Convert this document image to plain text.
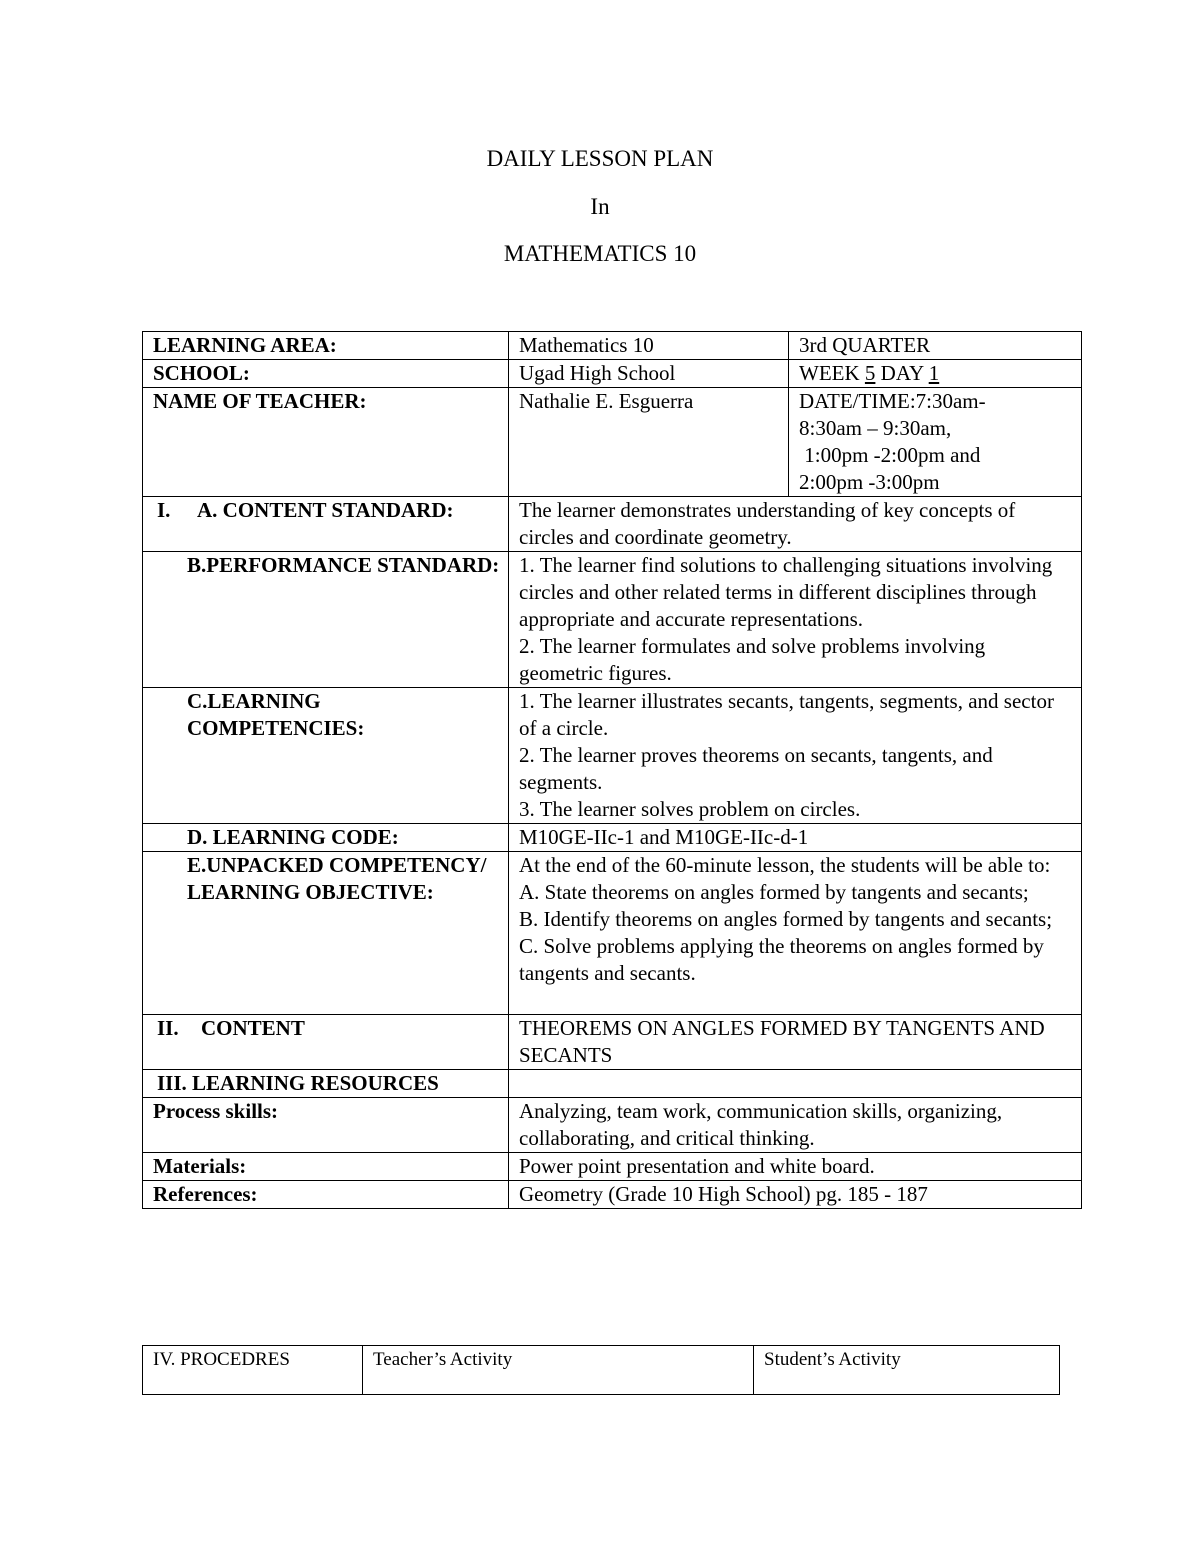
DAILY LESSON PLAN
In
MATHEMATICS 10
LEARNING AREA:	Mathematics 10	3rd QUARTER
SCHOOL:	Ugad High School	WEEK 5 DAY 1
NAME OF TEACHER:	Nathalie E. Esguerra	DATE/TIME:7:30am-
8:30am – 9:30am,
1:00pm -2:00pm and
2:00pm -3:00pm

I. A. CONTENT STANDARD:	The learner demonstrates understanding of key concepts of circles and coordinate geometry.	
B.PERFORMANCE STANDARD:	1. The learner find solutions to challenging situations involving circles and other related terms in different disciplines through appropriate and accurate representations.
2. The learner formulates and solve problems involving geometric figures.	

C.LEARNING COMPETENCIES:	1. The learner illustrates secants, tangents, segments, and sector of a circle.
2. The learner proves theorems on secants, tangents, and segments.
3. The learner solves problem on circles.	

D. LEARNING CODE:	M10GE-IIc-1 and M10GE-IIc-d-1	
E.UNPACKED COMPETENCY/LEARNING OBJECTIVE:	At the end of the 60-minute lesson, the students will be able to:
A. State theorems on angles formed by tangents and secants;
B. Identify theorems on angles formed by tangents and secants;
C. Solve problems applying the theorems on angles formed by tangents and secants.	

II. CONTENT	THEOREMS ON ANGLES FORMED BY TANGENTS AND SECANTS	
III. LEARNING RESOURCES		
Process skills:	Analyzing, team work, communication skills, organizing, collaborating, and critical thinking.	
Materials:	Power point presentation and white board.	
References:	Geometry (Grade 10 High School) pg. 185 - 187	
IV. PROCEDRES	Teacher’s Activity	Student’s Activity
